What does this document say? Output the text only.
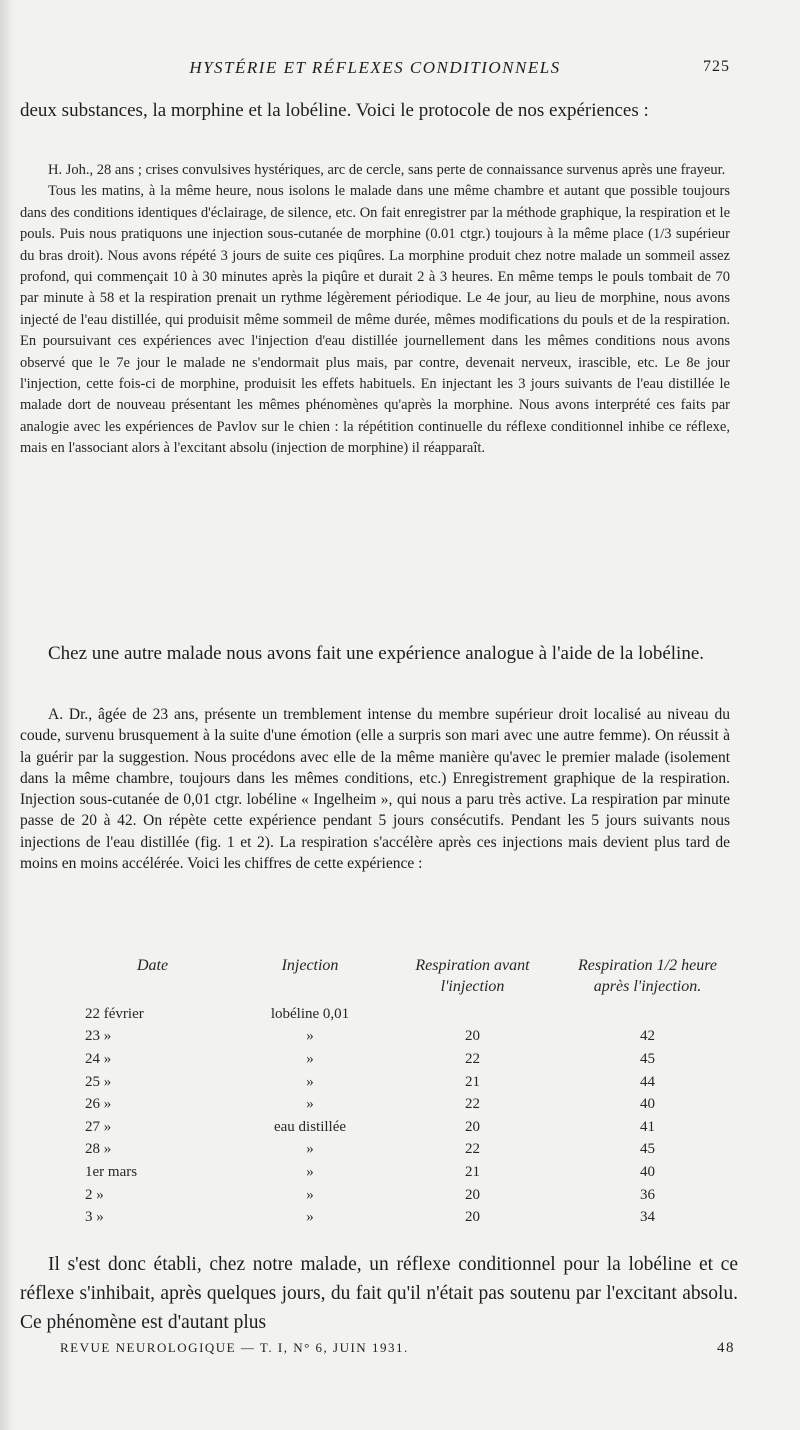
HYSTÉRIE ET RÉFLEXES CONDITIONNELS	725

deux substances, la morphine et la lobéline. Voici le protocole de nos expériences :

H. Joh., 28 ans ; crises convulsives hystériques, arc de cercle, sans perte de connaissance survenus après une frayeur.

Tous les matins, à la même heure, nous isolons le malade dans une même chambre et autant que possible toujours dans des conditions identiques d'éclairage, de silence, etc. On fait enregistrer par la méthode graphique, la respiration et le pouls. Puis nous pratiquons une injection sous-cutanée de morphine (0.01 ctgr.) toujours à la même place (1/3 supérieur du bras droit). Nous avons répété 3 jours de suite ces piqûres. La morphine produit chez notre malade un sommeil assez profond, qui commençait 10 à 30 minutes après la piqûre et durait 2 à 3 heures. En même temps le pouls tombait de 70 par minute à 58 et la respiration prenait un rythme légèrement périodique. Le 4e jour, au lieu de morphine, nous avons injecté de l'eau distillée, qui produisit même sommeil de même durée, mêmes modifications du pouls et de la respiration. En poursuivant ces expériences avec l'injection d'eau distillée journellement dans les mêmes conditions nous avons observé que le 7e jour le malade ne s'endormait plus mais, par contre, devenait nerveux, irascible, etc. Le 8e jour l'injection, cette fois-ci de morphine, produisit les effets habituels. En injectant les 3 jours suivants de l'eau distillée le malade dort de nouveau présentant les mêmes phénomènes qu'après la morphine. Nous avons interprété ces faits par analogie avec les expériences de Pavlov sur le chien : la répétition continuelle du réflexe conditionnel inhibe ce réflexe, mais en l'associant alors à l'excitant absolu (injection de morphine) il réapparaît.

Chez une autre malade nous avons fait une expérience analogue à l'aide de la lobéline.

A. Dr., âgée de 23 ans, présente un tremblement intense du membre supérieur droit localisé au niveau du coude, survenu brusquement à la suite d'une émotion (elle a surpris son mari avec une autre femme). On réussit à la guérir par la suggestion. Nous procédons avec elle de la même manière qu'avec le premier malade (isolement dans la même chambre, toujours dans les mêmes conditions, etc.) Enregistrement graphique de la respiration. Injection sous-cutanée de 0,01 ctgr. lobéline « Ingelheim », qui nous a paru très active. La respiration par minute passe de 20 à 42. On répète cette expérience pendant 5 jours consécutifs. Pendant les 5 jours suivants nous injections de l'eau distillée (fig. 1 et 2). La respiration s'accélère après ces injections mais devient plus tard de moins en moins accélérée. Voici les chiffres de cette expérience :

Date	Injection	Respiration avant l'injection	Respiration 1/2 heure après l'injection.
22 février	lobéline 0,01		
23 »	»	20	42
24 »	»	22	45
25 »	»	21	44
26 »	»	22	40
27 »	eau distillée	20	41
28 »	»	22	45
1er mars	»	21	40
2 »	»	20	36
3 »	»	20	34

Il s'est donc établi, chez notre malade, un réflexe conditionnel pour la lobéline et ce réflexe s'inhibait, après quelques jours, du fait qu'il n'était pas soutenu par l'excitant absolu. Ce phénomène est d'autant plus

REVUE NEUROLOGIQUE — T. I, N° 6, JUIN 1931.	48
